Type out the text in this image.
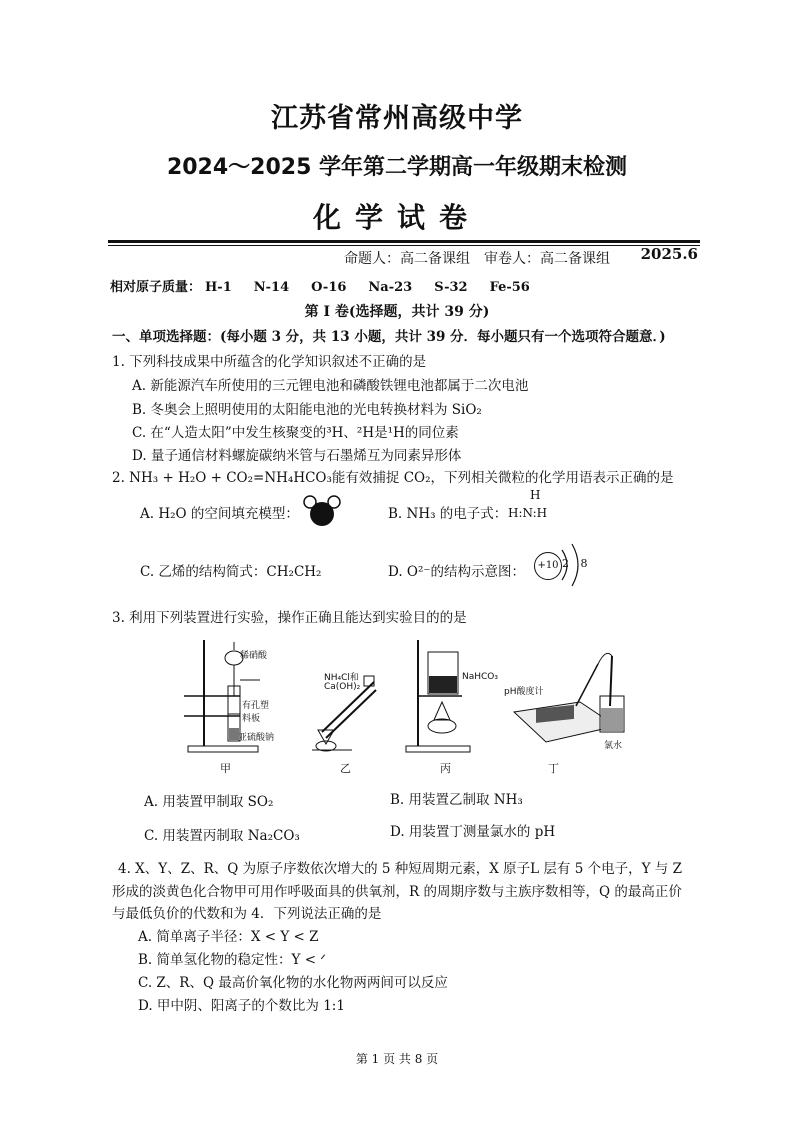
江苏省常州高级中学
2024～2025 学年第二学期高一年级期末检测
化学试卷
命题人：高二备课组　审卷人：高二备课组 2025.6
相对原子质量： H-1 N-14 O-16 Na-23 S-32 Fe-56
第 I 卷(选择题，共计 39 分)
一、单项选择题：(每小题 3 分，共 13 小题，共计 39 分．每小题只有一个选项符合题意．)
1. 下列科技成果中所蕴含的化学知识叙述不正确的是
A. 新能源汽车所使用的三元锂电池和磷酸铁锂电池都属于二次电池
B. 冬奥会上照明使用的太阳能电池的光电转换材料为 SiO₂
C. 在“人造太阳”中发生核聚变的³H、²H是¹H的同位素
D. 量子通信材料螺旋碳纳米管与石墨烯互为同素异形体
2. NH₃ + H₂O + CO₂=NH₄HCO₃能有效捕捉 CO₂，下列相关微粒的化学用语表示正确的是
A. H₂O 的空间填充模型：	B. NH₃ 的电子式：
H
H:N:H
C. 乙烯的结构简式：CH₂CH₂	D. O²⁻的结构示意图：	+10 2 8
3. 利用下列装置进行实验，操作正确且能达到实验目的的是
稀硝酸
有孔塑料板
亚硫酸钠
甲
NH₄Cl和
Ca(OH)₂
乙
NaHCO₃
丙
pH酸度计
氯水
丁
A. 用装置甲制取 SO₂	B. 用装置乙制取 NH₃
C. 用装置丙制取 Na₂CO₃	D. 用装置丁测量氯水的 pH
4. X、Y、Z、R、Q 为原子序数依次增大的 5 种短周期元素，X 原子L 层有 5 个电子，Y 与 Z
形成的淡黄色化合物甲可用作呼吸面具的供氧剂，R 的周期序数与主族序数相等，Q 的最高正价
与最低负价的代数和为 4．下列说法正确的是
A. 简单离子半径：X < Y < Z
B. 简单氢化物的稳定性：Y < ᐟ
C. Z、R、Q 最高价氧化物的水化物两两间可以反应
D. 甲中阴、阳离子的个数比为 1:1
第 1 页 共 8 页
